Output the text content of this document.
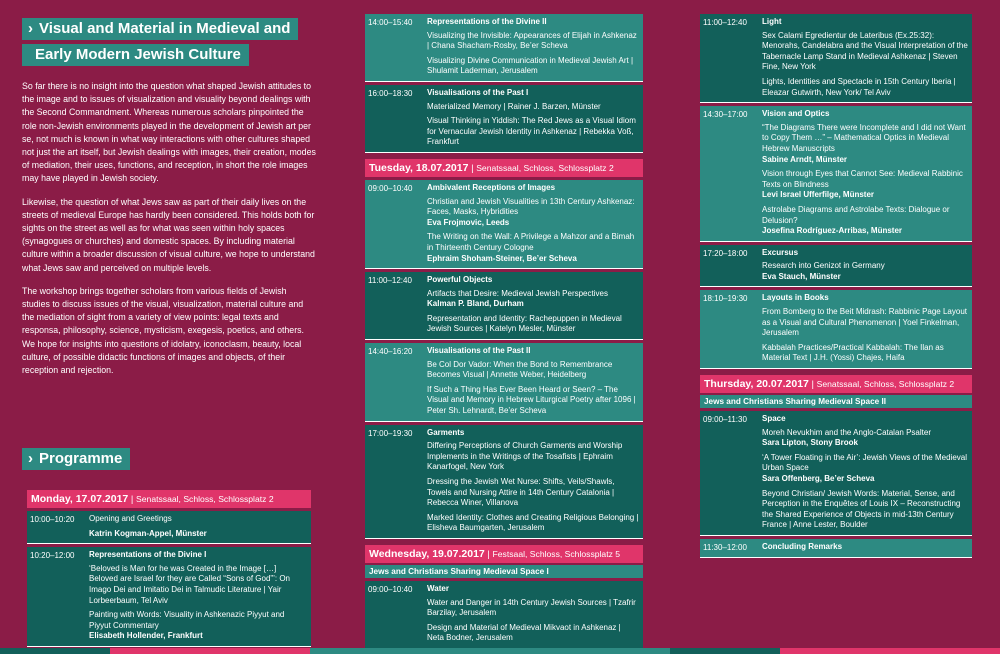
› Visual and Material in Medieval and
Early Modern Jewish Culture

So far there is no insight into the question what shaped Jewish attitudes to the image and to issues of visualization and visuality beyond dealings with the Second Commandment. Whereas numerous scholars pinpointed the role non-Jewish environments played in the development of Jewish art per se, not much is known in what way interactions with other cultures shaped not just the art itself, but Jewish dealings with images, their creation, modes of mediation, their uses, functions, and reception, in short the role images may have played in Jewish society.

Likewise, the question of what Jews saw as part of their daily lives on the streets of medieval Europe has hardly been considered. This holds both for sights on the street as well as for what was seen within holy spaces (synagogues or churches) and domestic spaces. By including material culture within a broader discussion of visual culture, we hope to understand what Jews saw and perceived on multiple levels.

The workshop brings together scholars from various fields of Jewish studies to discuss issues of the visual, visualization, material culture and the mediation of sight from a variety of view points: legal texts and responsa, philosophy, science, mysticism, exegesis, poetics, and others. We hope for insights into questions of idolatry, iconoclasm, beauty, local culture, of possible didactic functions of images and objects, of their reception and rejection.

› Programme
Monday, 17.07.2017 | Senatssaal, Schloss, Schlossplatz 2
10:00–10:20	Opening and Greetings
Katrin Kogman-Appel, Münster
10:20–12:00	Representations of the Divine I
‘Beloved is Man for he was Created in the Image […] Beloved are Israel for they are Called “Sons of God”’: On Imago Dei and Imitatio Dei in Talmudic Literature | Yair Lorbeerbaum, Tel Aviv
Painting with Words: Visuality in Ashkenazic Piyyut and Piyyut Commentary
Elisabeth Hollender, Frankfurt
14:00–15:40	Representations of the Divine II
Visualizing the Invisible: Appearances of Elijah in Ashkenaz | Chana Shacham-Rosby, Be’er Scheva
Visualizing Divine Communication in Medieval Jewish Art | Shulamit Laderman, Jerusalem
16:00–18:30	Visualisations of the Past I
Materialized Memory | Rainer J. Barzen, Münster
Visual Thinking in Yiddish: The Red Jews as a Visual Idiom for Vernacular Jewish Identity in Ashkenaz | Rebekka Voß, Frankfurt
Tuesday, 18.07.2017 | Senatssaal, Schloss, Schlossplatz 2
09:00–10:40	Ambivalent Receptions of Images
Christian and Jewish Visualities in 13th Century Ashkenaz: Faces, Masks, Hybridities
Eva Frojmovic, Leeds
The Writing on the Wall: A Privilege a Mahzor and a Bimah in Thirteenth Century Cologne
Ephraim Shoham-Steiner, Be’er Scheva
11:00–12:40	Powerful Objects
Artifacts that Desire: Medieval Jewish Perspectives
Kalman P. Bland, Durham
Representation and Identity: Rachepuppen in Medieval Jewish Sources | Katelyn Mesler, Münster
14:40–16:20	Visualisations of the Past II
Be Col Dor Vador: When the Bond to Remembrance Becomes Visual | Annette Weber, Heidelberg
If Such a Thing Has Ever Been Heard or Seen? – The Visual and Memory in Hebrew Liturgical Poetry after 1096 | Peter Sh. Lehnardt, Be’er Scheva
17:00–19:30	Garments
Differing Perceptions of Church Garments and Worship Implements in the Writings of the Tosafists | Ephraim Kanarfogel, New York
Dressing the Jewish Wet Nurse: Shifts, Veils/Shawls, Towels and Nursing Attire in 14th Century Catalonia | Rebecca Winer, Villanova
Marked Identity: Clothes and Creating Religious Belonging | Elisheva Baumgarten, Jerusalem
Wednesday, 19.07.2017 | Festsaal, Schloss, Schlossplatz 5
Jews and Christians Sharing Medieval Space I
09:00–10:40	Water
Water and Danger in 14th Century Jewish Sources | Tzafrir Barzilay, Jerusalem
Design and Material of Medieval Mikvaot in Ashkenaz | Neta Bodner, Jerusalem
11:00–12:40	Light
Sex Calami Egredientur de Lateribus (Ex.25:32): Menorahs, Candelabra and the Visual Interpretation of the Tabernacle Lamp Stand in Medieval Ashkenaz | Steven Fine, New York
Lights, Identities and Spectacle in 15th Century Iberia | Eleazar Gutwirth, New York/ Tel Aviv
14:30–17:00	Vision and Optics
“The Diagrams There were Incomplete and I did not Want to Copy Them …” – Mathematical Optics in Medieval Hebrew Manuscripts
Sabine Arndt, Münster
Vision through Eyes that Cannot See: Medieval Rabbinic Texts on Blindness
Levi Israel Ufferfilge, Münster
Astrolabe Diagrams and Astrolabe Texts: Dialogue or Delusion?
Josefina Rodríguez-Arribas, Münster
17:20–18:00	Excursus
Research into Genizot in Germany
Eva Stauch, Münster
18:10–19:30	Layouts in Books
From Bomberg to the Beit Midrash: Rabbinic Page Layout as a Visual and Cultural Phenomenon | Yoel Finkelman, Jerusalem
Kabbalah Practices/Practical Kabbalah: The Ilan as Material Text | J.H. (Yossi) Chajes, Haifa
Thursday, 20.07.2017 | Senatssaal, Schloss, Schlossplatz 2
Jews and Christians Sharing Medieval Space II
09:00–11:30	Space
Moreh Nevukhim and the Anglo-Catalan Psalter
Sara Lipton, Stony Brook
‘A Tower Floating in the Air’: Jewish Views of the Medieval Urban Space
Sara Offenberg, Be’er Scheva
Beyond Christian/ Jewish Words: Material, Sense, and Perception in the Enquêtes of Louis IX – Reconstructing the Shared Experience of Objects in mid-13th Century France | Anne Lester, Boulder
11:30–12:00	Concluding Remarks
